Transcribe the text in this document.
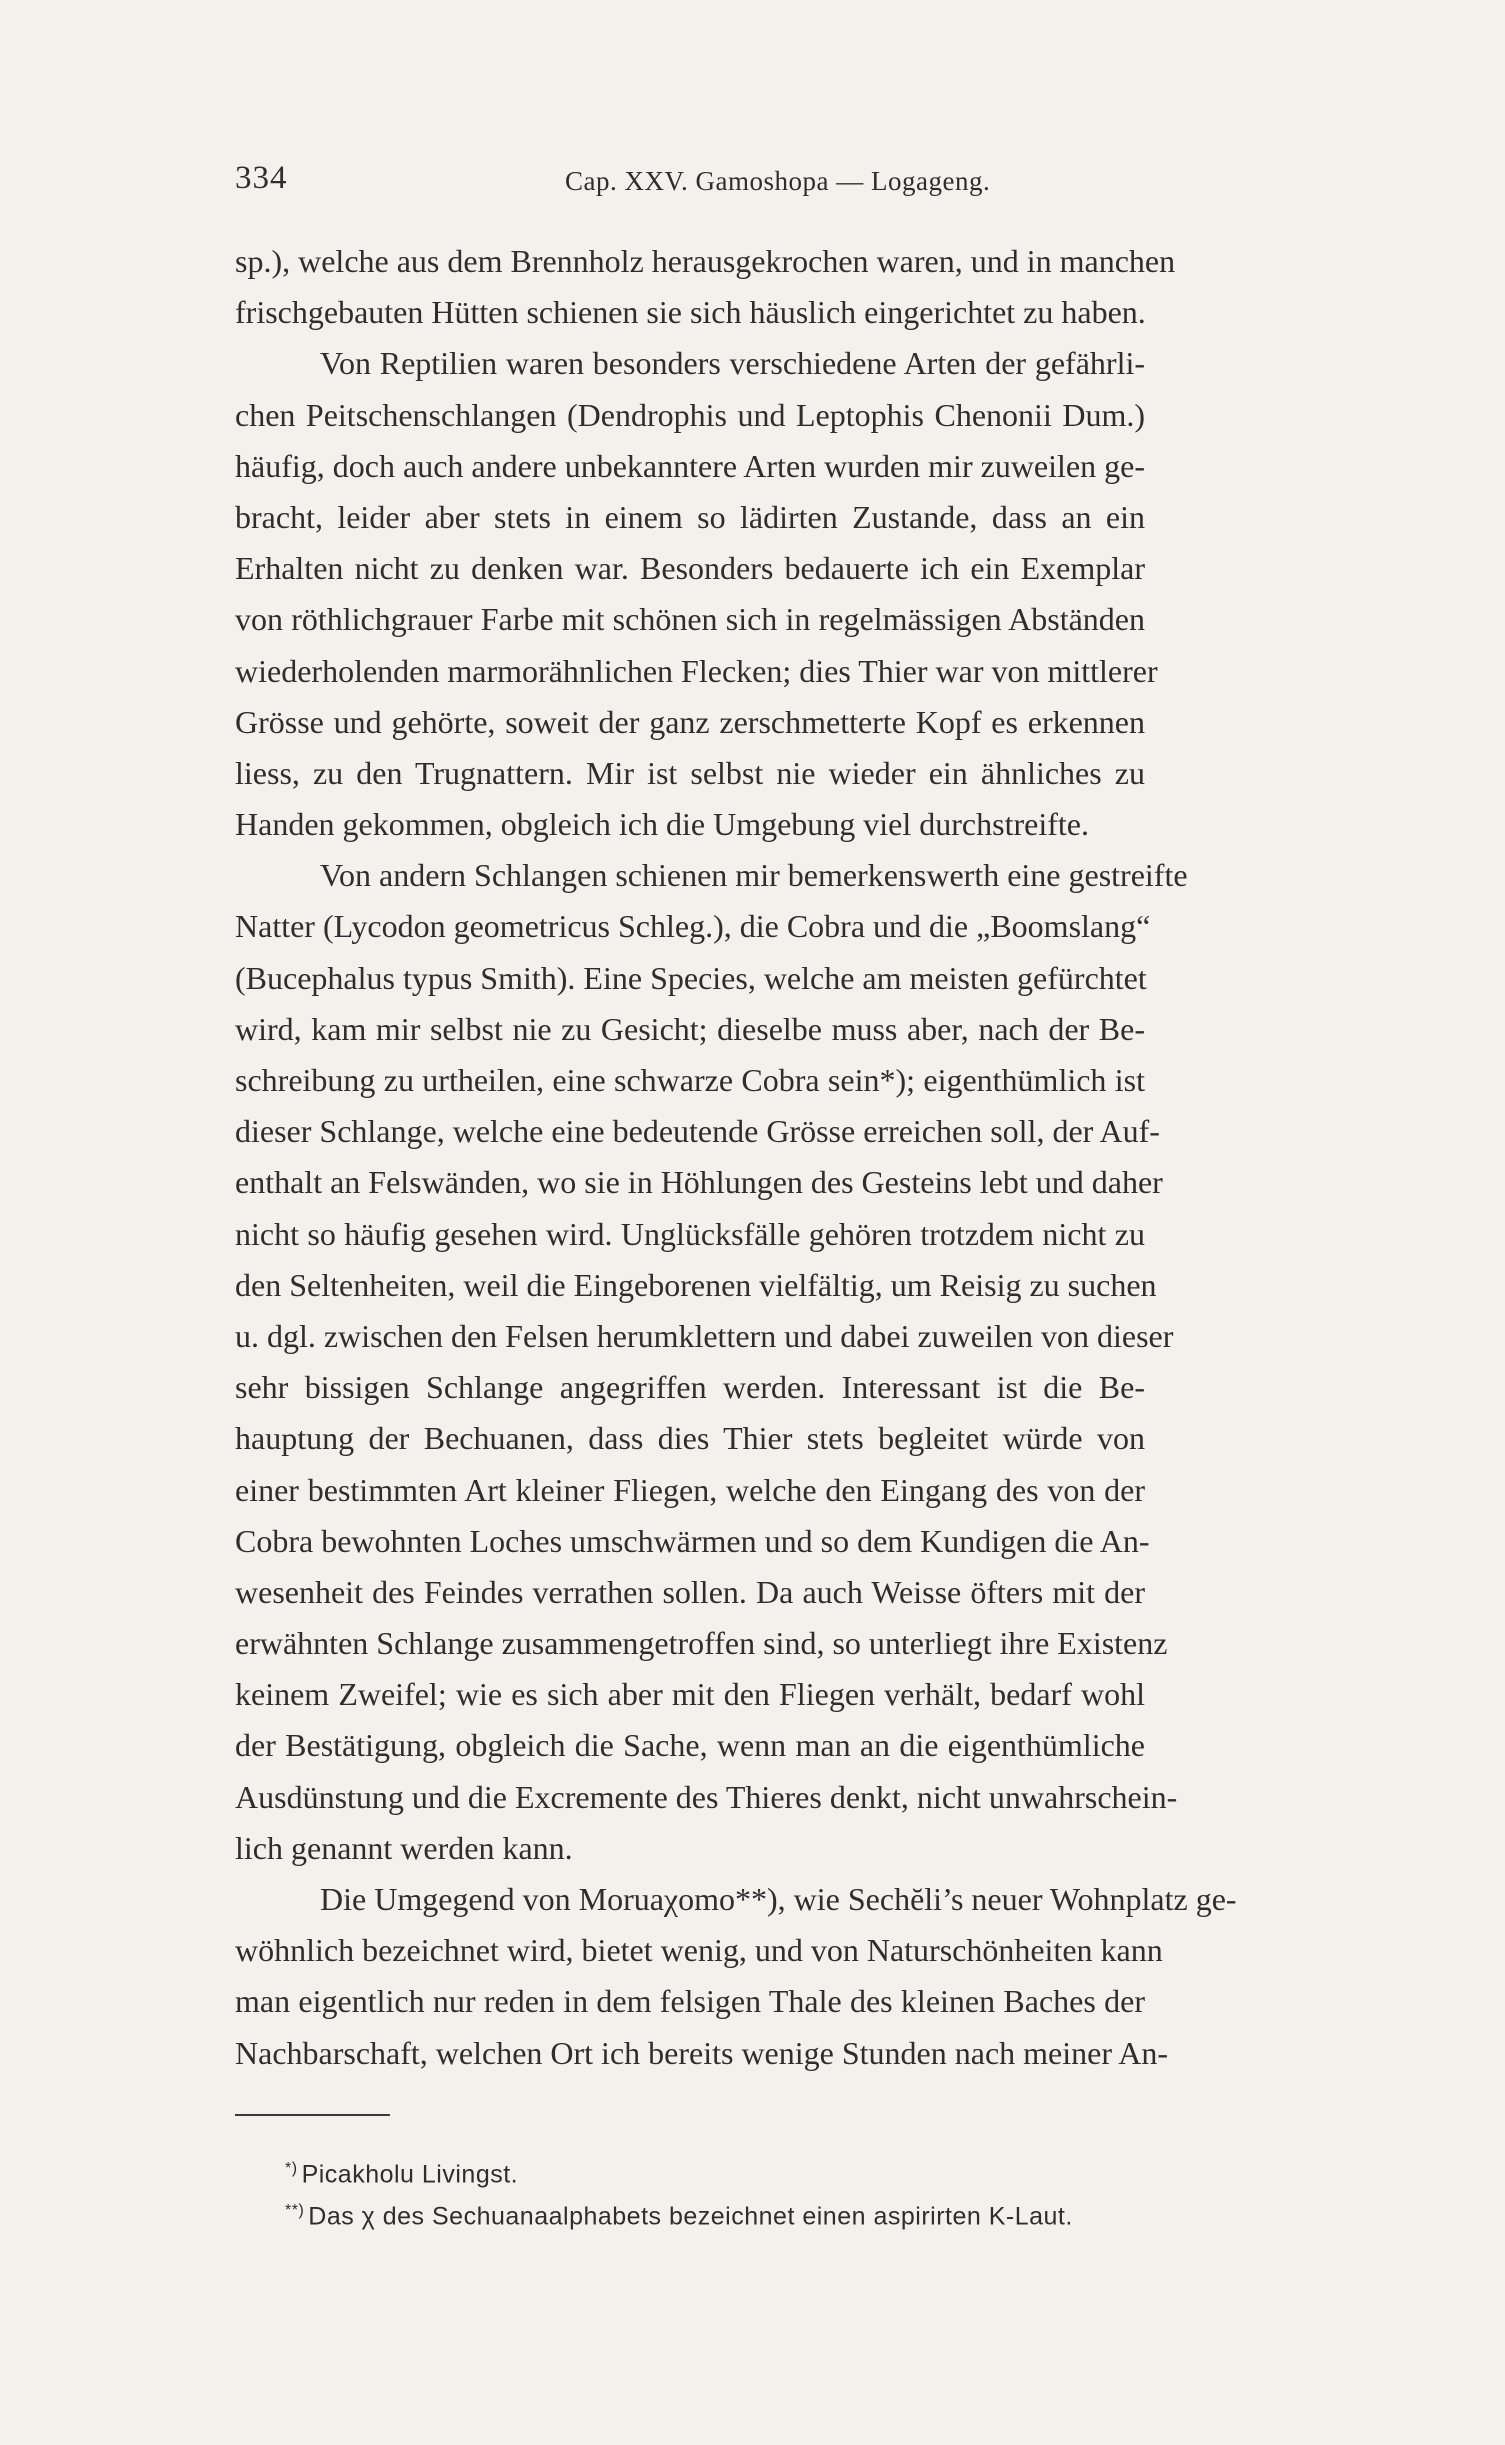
334	Cap. XXV. Gamoshopa — Logageng.
sp.), welche aus dem Brennholz herausgekrochen waren, und in manchen
frischgebauten Hütten schienen sie sich häuslich eingerichtet zu haben.
Von Reptilien waren besonders verschiedene Arten der gefährli-
chen Peitschenschlangen (Dendrophis und Leptophis Chenonii Dum.)
häufig, doch auch andere unbekanntere Arten wurden mir zuweilen ge-
bracht, leider aber stets in einem so lädirten Zustande, dass an ein
Erhalten nicht zu denken war. Besonders bedauerte ich ein Exemplar
von röthlichgrauer Farbe mit schönen sich in regelmässigen Abständen
wiederholenden marmorähnlichen Flecken; dies Thier war von mittlerer
Grösse und gehörte, soweit der ganz zerschmetterte Kopf es erkennen
liess, zu den Trugnattern. Mir ist selbst nie wieder ein ähnliches zu
Handen gekommen, obgleich ich die Umgebung viel durchstreifte.
Von andern Schlangen schienen mir bemerkenswerth eine gestreifte
Natter (Lycodon geometricus Schleg.), die Cobra und die „Boomslang“
(Bucephalus typus Smith). Eine Species, welche am meisten gefürchtet
wird, kam mir selbst nie zu Gesicht; dieselbe muss aber, nach der Be-
schreibung zu urtheilen, eine schwarze Cobra sein*); eigenthümlich ist
dieser Schlange, welche eine bedeutende Grösse erreichen soll, der Auf-
enthalt an Felswänden, wo sie in Höhlungen des Gesteins lebt und daher
nicht so häufig gesehen wird. Unglücksfälle gehören trotzdem nicht zu
den Seltenheiten, weil die Eingeborenen vielfältig, um Reisig zu suchen
u. dgl. zwischen den Felsen herumklettern und dabei zuweilen von dieser
sehr bissigen Schlange angegriffen werden. Interessant ist die Be-
hauptung der Bechuanen, dass dies Thier stets begleitet würde von
einer bestimmten Art kleiner Fliegen, welche den Eingang des von der
Cobra bewohnten Loches umschwärmen und so dem Kundigen die An-
wesenheit des Feindes verrathen sollen. Da auch Weisse öfters mit der
erwähnten Schlange zusammengetroffen sind, so unterliegt ihre Existenz
keinem Zweifel; wie es sich aber mit den Fliegen verhält, bedarf wohl
der Bestätigung, obgleich die Sache, wenn man an die eigenthümliche
Ausdünstung und die Excremente des Thieres denkt, nicht unwahrschein-
lich genannt werden kann.
Die Umgegend von Moruaχomo**), wie Sechĕli’s neuer Wohnplatz ge-
wöhnlich bezeichnet wird, bietet wenig, und von Naturschönheiten kann
man eigentlich nur reden in dem felsigen Thale des kleinen Baches der
Nachbarschaft, welchen Ort ich bereits wenige Stunden nach meiner An-
*) Picakholu Livingst.
**) Das χ des Sechuanaalphabets bezeichnet einen aspirirten K-Laut.
